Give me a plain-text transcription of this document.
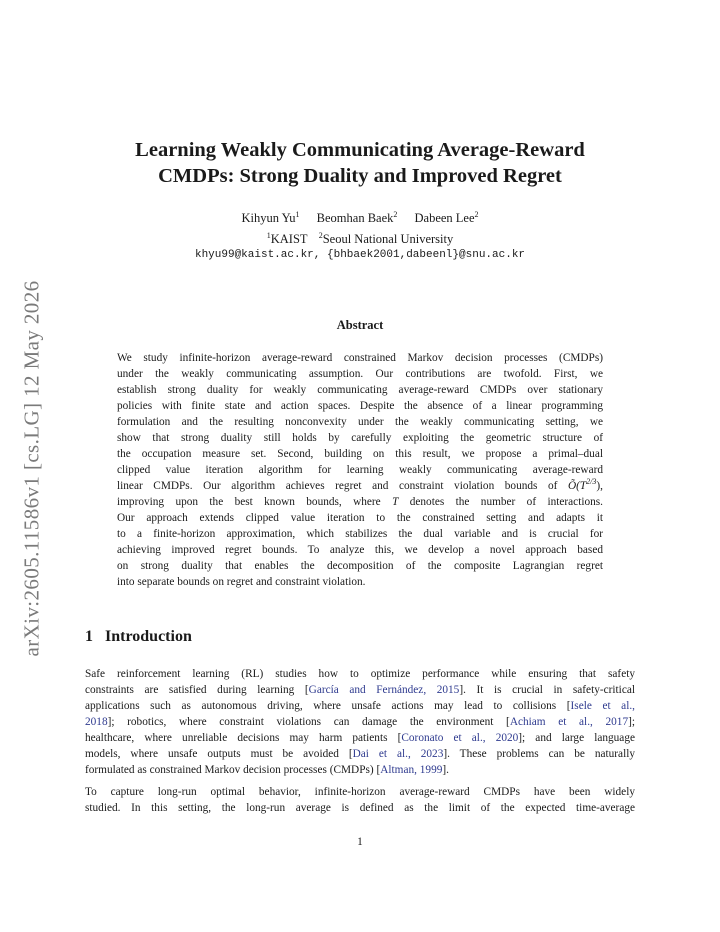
arXiv:2605.11586v1 [cs.LG] 12 May 2026
Learning Weakly Communicating Average-Reward
CMDPs: Strong Duality and Improved Regret
Kihyun Yu$^1$ Beomhan Baek$^2$ Dabeen Lee$^2$
$^1$KAIST $^2$Seoul National University
khyu99@kaist.ac.kr, {bhbaek2001,dabeenl}@snu.ac.kr
Abstract
We study infinite-horizon average-reward constrained Markov decision processes (CMDPs)
under the weakly communicating assumption. Our contributions are twofold. First, we
establish strong duality for weakly communicating average-reward CMDPs over stationary
policies with finite state and action spaces. Despite the absence of a linear programming
formulation and the resulting nonconvexity under the weakly communicating setting, we
show that strong duality still holds by carefully exploiting the geometric structure of
the occupation measure set. Second, building on this result, we propose a primal–dual
clipped value iteration algorithm for learning weakly communicating average-reward
linear CMDPs. Our algorithm achieves regret and constraint violation bounds of $Õ(T^{2/3})$,
improving upon the best known bounds, where T denotes the number of interactions.
Our approach extends clipped value iteration to the constrained setting and adapts it
to a finite-horizon approximation, which stabilizes the dual variable and is crucial for
achieving improved regret bounds. To analyze this, we develop a novel approach based
on strong duality that enables the decomposition of the composite Lagrangian regret
into separate bounds on regret and constraint violation.
1 Introduction
Safe reinforcement learning (RL) studies how to optimize performance while ensuring that safety
constraints are satisfied during learning [García and Fernández, 2015]. It is crucial in safety-critical
applications such as autonomous driving, where unsafe actions may lead to collisions [Isele et al.,
2018]; robotics, where constraint violations can damage the environment [Achiam et al., 2017];
healthcare, where unreliable decisions may harm patients [Coronato et al., 2020]; and large language
models, where unsafe outputs must be avoided [Dai et al., 2023]. These problems can be naturally
formulated as constrained Markov decision processes (CMDPs) [Altman, 1999].
To capture long-run optimal behavior, infinite-horizon average-reward CMDPs have been widely
studied. In this setting, the long-run average is defined as the limit of the expected time-average
1
